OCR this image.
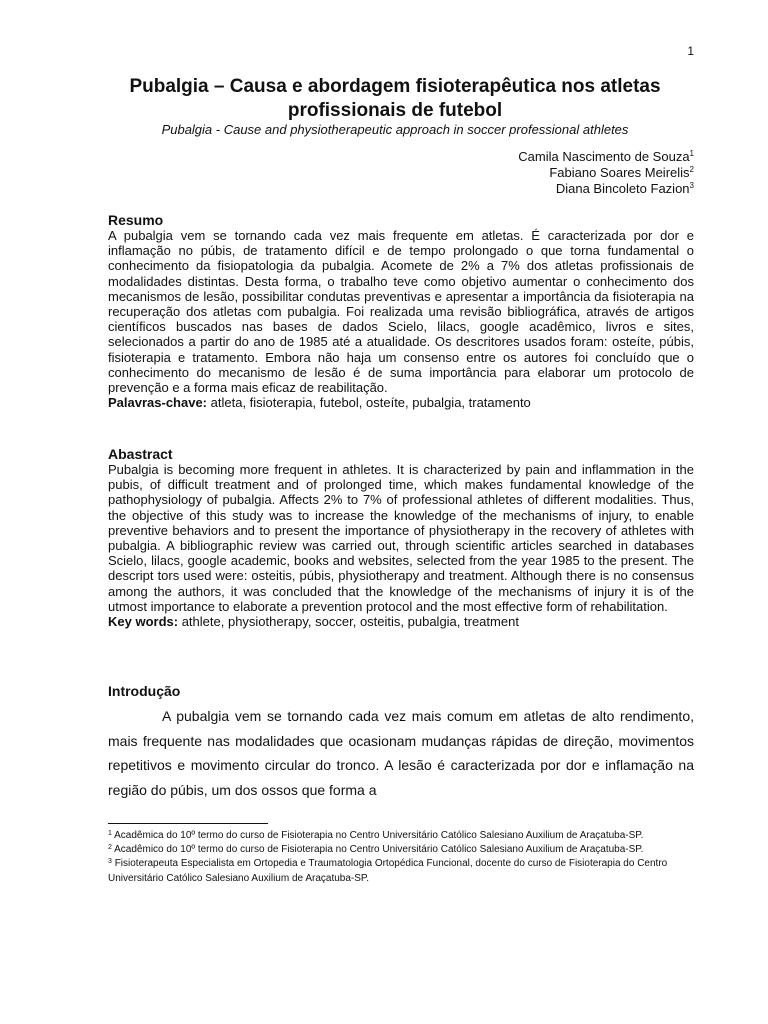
1
Pubalgia – Causa e abordagem fisioterapêutica nos atletas profissionais de futebol
Pubalgia - Cause and physiotherapeutic approach in soccer professional athletes
Camila Nascimento de Souza$^1$
Fabiano Soares Meirelis$^2$
Diana Bincoleto Fazion$^3$
Resumo
A pubalgia vem se tornando cada vez mais frequente em atletas. É caracterizada por dor e inflamação no púbis, de tratamento difícil e de tempo prolongado o que torna fundamental o conhecimento da fisiopatologia da pubalgia. Acomete de 2% a 7% dos atletas profissionais de modalidades distintas. Desta forma, o trabalho teve como objetivo aumentar o conhecimento dos mecanismos de lesão, possibilitar condutas preventivas e apresentar a importância da fisioterapia na recuperação dos atletas com pubalgia. Foi realizada uma revisão bibliográfica, através de artigos científicos buscados nas bases de dados Scielo, lilacs, google acadêmico, livros e sites, selecionados a partir do ano de 1985 até a atualidade. Os descritores usados foram: osteíte, púbis, fisioterapia e tratamento. Embora não haja um consenso entre os autores foi concluído que o conhecimento do mecanismo de lesão é de suma importância para elaborar um protocolo de prevenção e a forma mais eficaz de reabilitação.
Palavras-chave: atleta, fisioterapia, futebol, osteíte, pubalgia, tratamento
Abastract
Pubalgia is becoming more frequent in athletes. It is characterized by pain and inflammation in the pubis, of difficult treatment and of prolonged time, which makes fundamental knowledge of the pathophysiology of pubalgia. Affects 2% to 7% of professional athletes of different modalities. Thus, the objective of this study was to increase the knowledge of the mechanisms of injury, to enable preventive behaviors and to present the importance of physiotherapy in the recovery of athletes with pubalgia. A bibliographic review was carried out, through scientific articles searched in databases Scielo, lilacs, google academic, books and websites, selected from the year 1985 to the present. The descript tors used were: osteitis, púbis, physiotherapy and treatment. Although there is no consensus among the authors, it was concluded that the knowledge of the mechanisms of injury it is of the utmost importance to elaborate a prevention protocol and the most effective form of rehabilitation.
Key words: athlete, physiotherapy, soccer, osteitis, pubalgia, treatment
Introdução
A pubalgia vem se tornando cada vez mais comum em atletas de alto rendimento, mais frequente nas modalidades que ocasionam mudanças rápidas de direção, movimentos repetitivos e movimento circular do tronco. A lesão é caracterizada por dor e inflamação na região do púbis, um dos ossos que forma a
$^1$ Acadêmica do 10º termo do curso de Fisioterapia no Centro Universitário Católico Salesiano Auxilium de Araçatuba-SP.
$^2$ Acadêmico do 10º termo do curso de Fisioterapia no Centro Universitário Católico Salesiano Auxilium de Araçatuba-SP.
$^3$ Fisioterapeuta Especialista em Ortopedia e Traumatologia Ortopédica Funcional, docente do curso de Fisioterapia do Centro Universitário Católico Salesiano Auxilium de Araçatuba-SP.
